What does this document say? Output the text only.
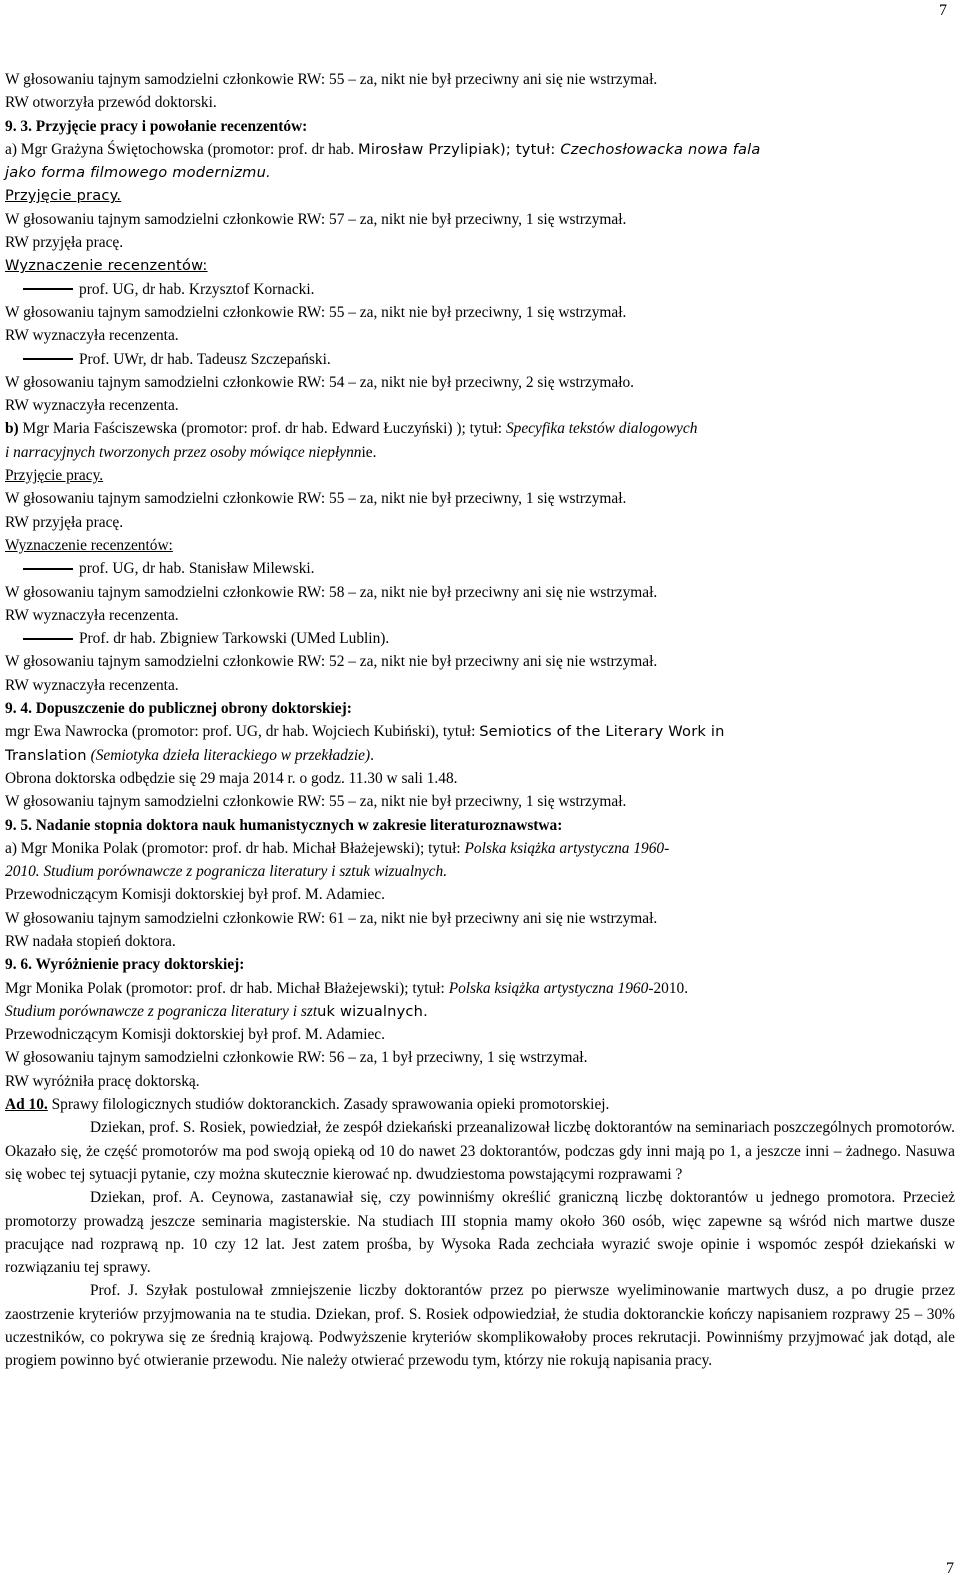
7
W głosowaniu tajnym samodzielni członkowie RW: 55 – za, nikt nie był przeciwny ani się nie wstrzymał.
RW otworzyła przewód doktorski.
9. 3. Przyjęcie pracy i powołanie recenzentów:
a) Mgr Grażyna Świętochowska (promotor: prof. dr hab. Mirosław Przylipiak); tytuł: Czechosłowacka nowa fala
jako forma filmowego modernizmu.
Przyjęcie pracy.
W głosowaniu tajnym samodzielni członkowie RW: 57 – za, nikt nie był przeciwny, 1 się wstrzymał.
RW przyjęła pracę.
Wyznaczenie recenzentów:
prof. UG, dr hab. Krzysztof Kornacki.
W głosowaniu tajnym samodzielni członkowie RW: 55 – za, nikt nie był przeciwny, 1 się wstrzymał.
RW wyznaczyła recenzenta.
Prof. UWr, dr hab. Tadeusz Szczepański.
W głosowaniu tajnym samodzielni członkowie RW: 54 – za, nikt nie był przeciwny, 2 się wstrzymało.
RW wyznaczyła recenzenta.
b) Mgr Maria Faściszewska (promotor: prof. dr hab. Edward Łuczyński) ); tytuł: Specyfika tekstów dialogowych
i narracyjnych tworzonych przez osoby mówiące niepłynnie.
Przyjęcie pracy.
W głosowaniu tajnym samodzielni członkowie RW: 55 – za, nikt nie był przeciwny, 1 się wstrzymał.
RW przyjęła pracę.
Wyznaczenie recenzentów:
prof. UG, dr hab. Stanisław Milewski.
W głosowaniu tajnym samodzielni członkowie RW: 58 – za, nikt nie był przeciwny ani się nie wstrzymał.
RW wyznaczyła recenzenta.
Prof. dr hab. Zbigniew Tarkowski (UMed Lublin).
W głosowaniu tajnym samodzielni członkowie RW: 52 – za, nikt nie był przeciwny ani się nie wstrzymał.
RW wyznaczyła recenzenta.
9. 4. Dopuszczenie do publicznej obrony doktorskiej:
mgr Ewa Nawrocka (promotor: prof. UG, dr hab. Wojciech Kubiński), tytuł: Semiotics of the Literary Work in
Translation (Semiotyka dzieła literackiego w przekładzie).
Obrona doktorska odbędzie się 29 maja 2014 r. o godz. 11.30 w sali 1.48.
W głosowaniu tajnym samodzielni członkowie RW: 55 – za, nikt nie był przeciwny, 1 się wstrzymał.
9. 5. Nadanie stopnia doktora nauk humanistycznych w zakresie literaturoznawstwa:
a) Mgr Monika Polak (promotor: prof. dr hab. Michał Błażejewski); tytuł: Polska książka artystyczna 1960-
2010. Studium porównawcze z pogranicza literatury i sztuk wizualnych.
Przewodniczącym Komisji doktorskiej był prof. M. Adamiec.
W głosowaniu tajnym samodzielni członkowie RW: 61 – za, nikt nie był przeciwny ani się nie wstrzymał.
RW nadała stopień doktora.
9. 6. Wyróżnienie pracy doktorskiej:
Mgr Monika Polak (promotor: prof. dr hab. Michał Błażejewski); tytuł: Polska książka artystyczna 1960-2010.
Studium porównawcze z pogranicza literatury i sztuk wizualnych.
Przewodniczącym Komisji doktorskiej był prof. M. Adamiec.
W głosowaniu tajnym samodzielni członkowie RW: 56 – za, 1 był przeciwny, 1 się wstrzymał.
RW wyróżniła pracę doktorską.
Ad 10. Sprawy filologicznych studiów doktoranckich. Zasady sprawowania opieki promotorskiej.
Dziekan, prof. S. Rosiek, powiedział, że zespół dziekański przeanalizował liczbę doktorantów na seminariach poszczególnych promotorów. Okazało się, że część promotorów ma pod swoją opieką od 10 do nawet 23 doktorantów, podczas gdy inni mają po 1, a jeszcze inni – żadnego. Nasuwa się wobec tej sytuacji pytanie, czy można skutecznie kierować np. dwudziestoma powstającymi rozprawami ?
Dziekan, prof. A. Ceynowa, zastanawiał się, czy powinniśmy określić graniczną liczbę doktorantów u jednego promotora. Przecież promotorzy prowadzą jeszcze seminaria magisterskie. Na studiach III stopnia mamy około 360 osób, więc zapewne są wśród nich martwe dusze pracujące nad rozprawą np. 10 czy 12 lat. Jest zatem prośba, by Wysoka Rada zechciała wyrazić swoje opinie i wspomóc zespół dziekański w rozwiązaniu tej sprawy.
Prof. J. Szyłak postulował zmniejszenie liczby doktorantów przez po pierwsze wyeliminowanie martwych dusz, a po drugie przez zaostrzenie kryteriów przyjmowania na te studia. Dziekan, prof. S. Rosiek odpowiedział, że studia doktoranckie kończy napisaniem rozprawy 25 – 30% uczestników, co pokrywa się ze średnią krajową. Podwyższenie kryteriów skomplikowałoby proces rekrutacji. Powinniśmy przyjmować jak dotąd, ale progiem powinno być otwieranie przewodu. Nie należy otwierać przewodu tym, którzy nie rokują napisania pracy.
7
